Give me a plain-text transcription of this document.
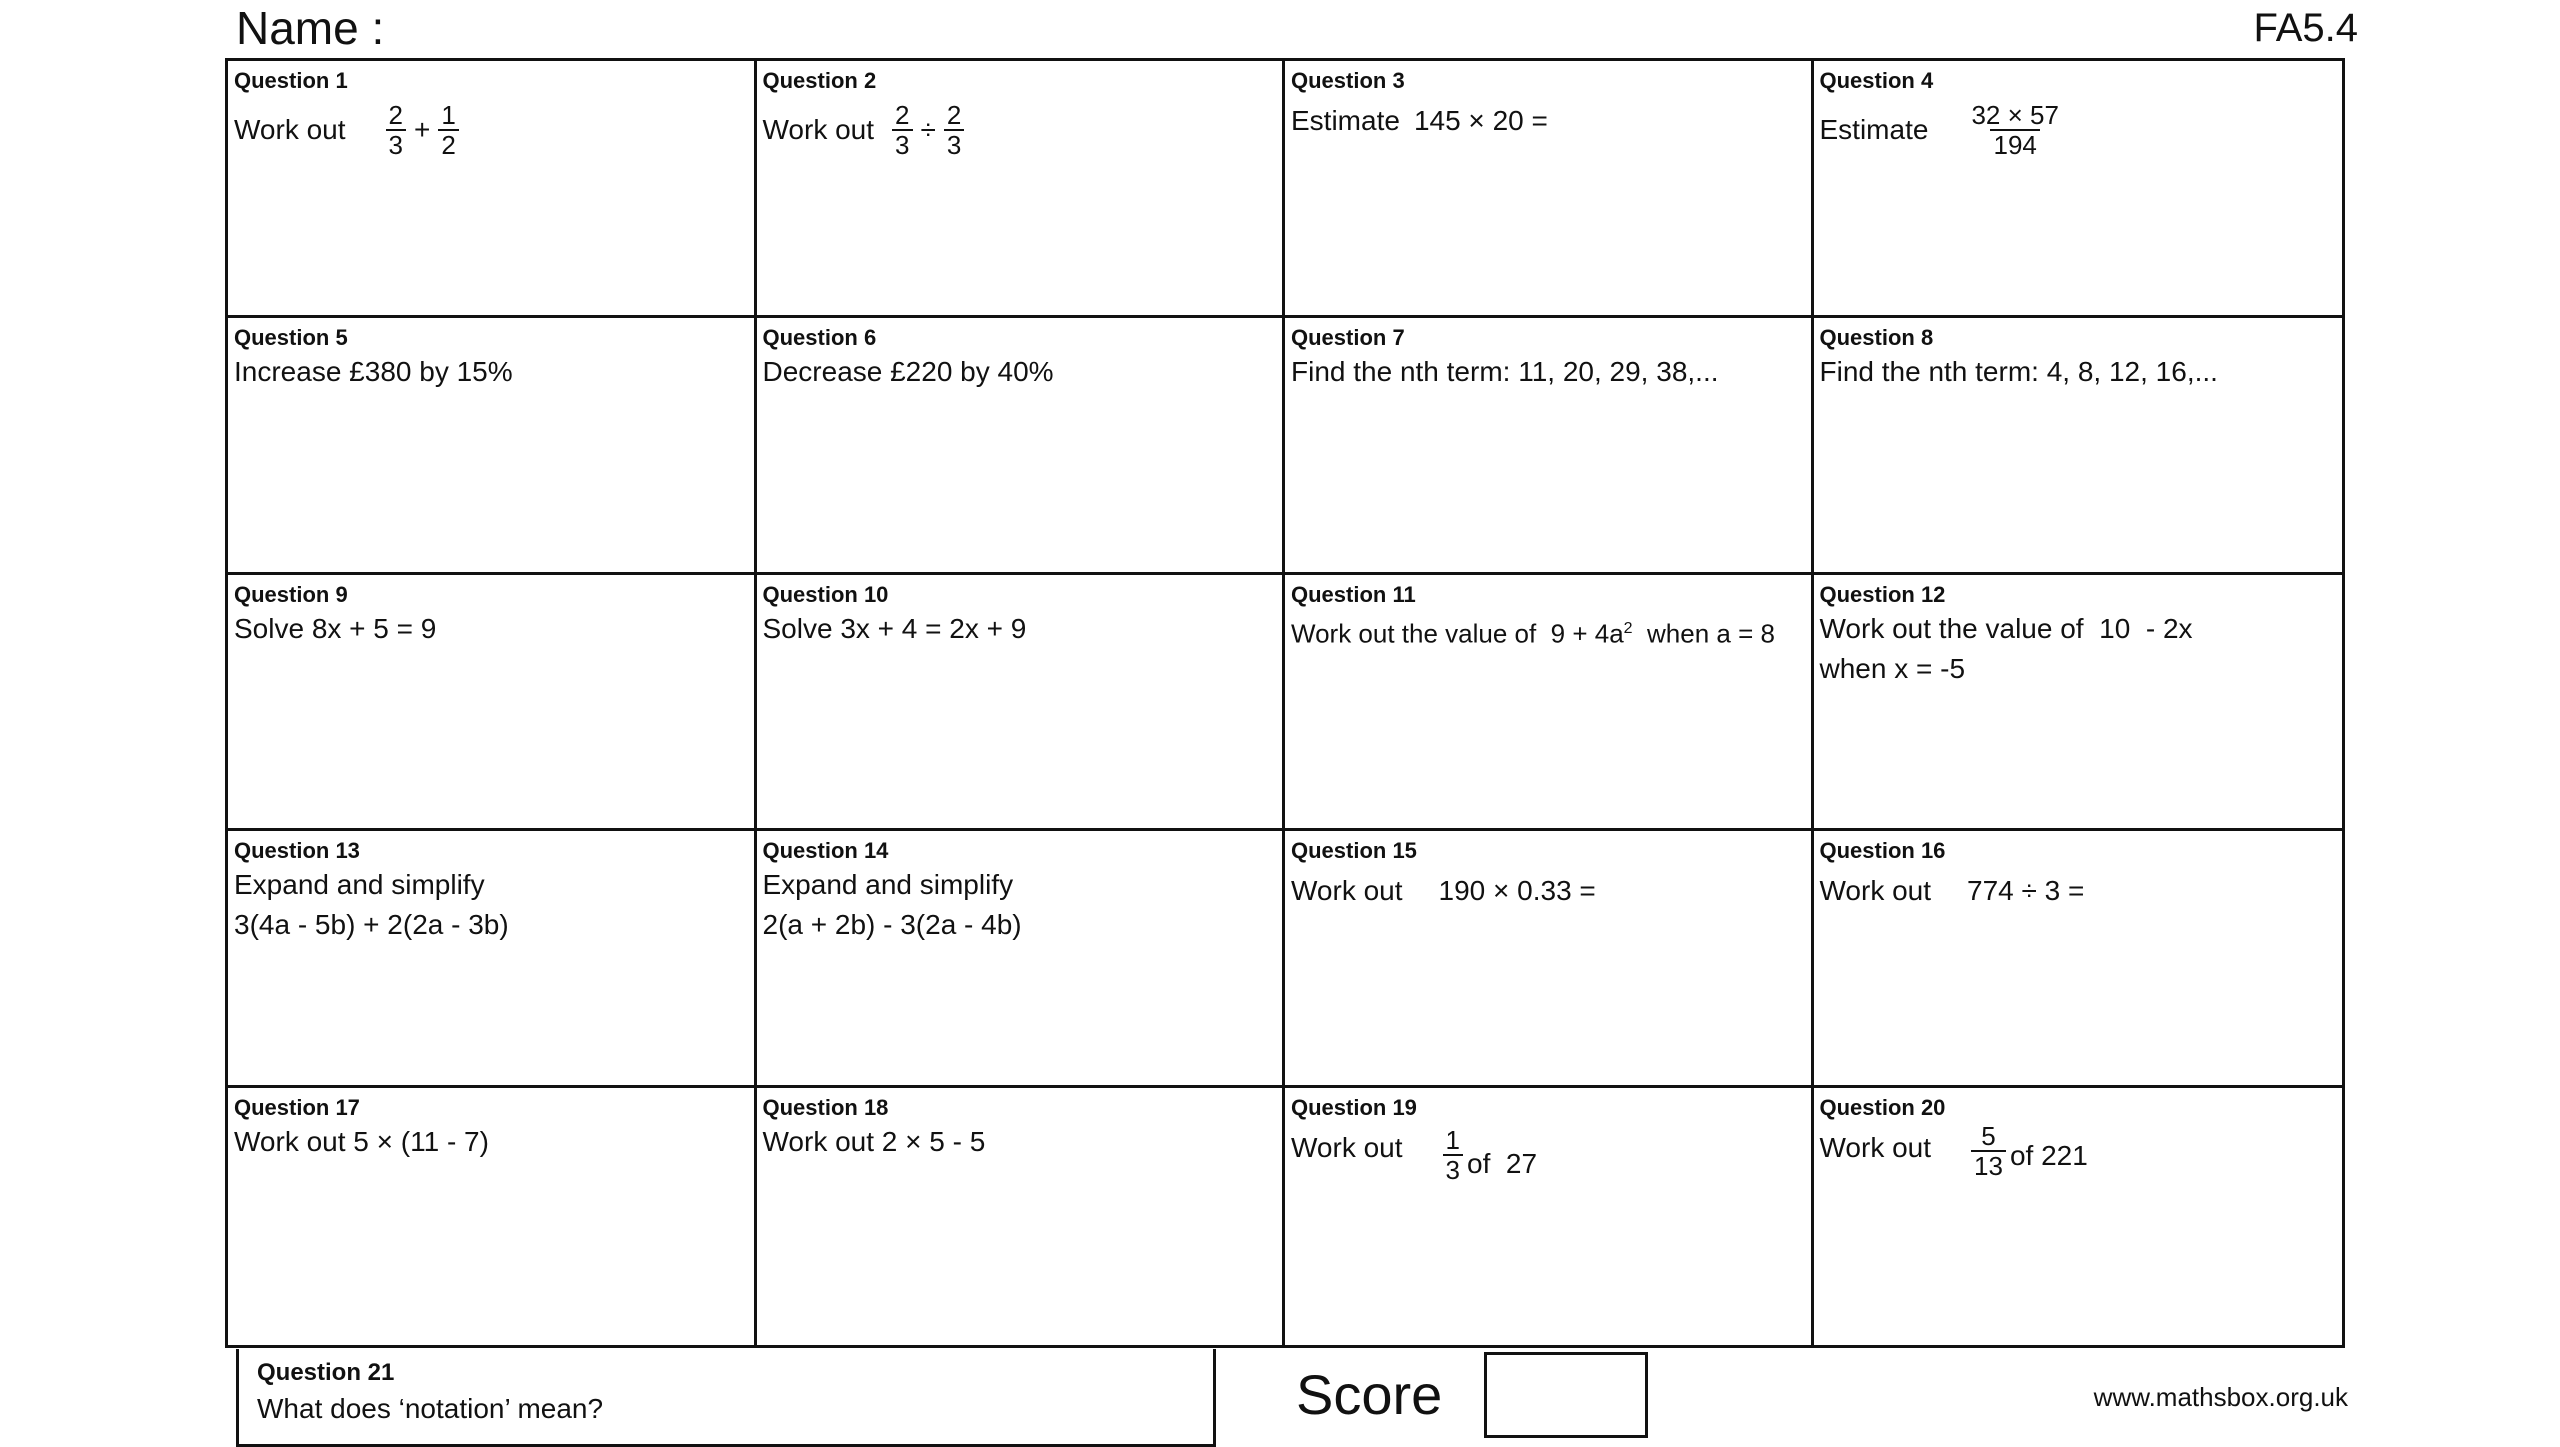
Name :	FA5.4
Question 1
Work out $\frac{2}{3} + \frac{1}{2}$
Question 2
Work out $\frac{2}{3} \div \frac{2}{3}$
Question 3
Estimate 145 × 20 =
Question 4
Estimate $\frac{32 \times 57}{194}$
Question 5
Increase £380 by 15%
Question 6
Decrease £220 by 40%
Question 7
Find the nth term: 11, 20, 29, 38,...
Question 8
Find the nth term: 4, 8, 12, 16,...
Question 9
Solve 8x + 5 = 9
Question 10
Solve 3x + 4 = 2x + 9
Question 11
Work out the value of  $9 + 4a^2$  when a = 8
Question 12
Work out the value of  10  - 2x
when x = -5
Question 13
Expand and simplify
3(4a - 5b) + 2(2a - 3b)
Question 14
Expand and simplify
2(a + 2b) - 3(2a - 4b)
Question 15
Work out 190 × 0.33 =
Question 16
Work out 774 ÷ 3 =
Question 17
Work out 5 × (11 - 7)
Question 18
Work out 2 × 5 - 5
Question 19
Work out $\frac{1}{3}$ of  27
Question 20
Work out $\frac{5}{13}$ of 221
Question 21
What does ‘notation’ mean?	Score	www.mathsbox.org.uk
